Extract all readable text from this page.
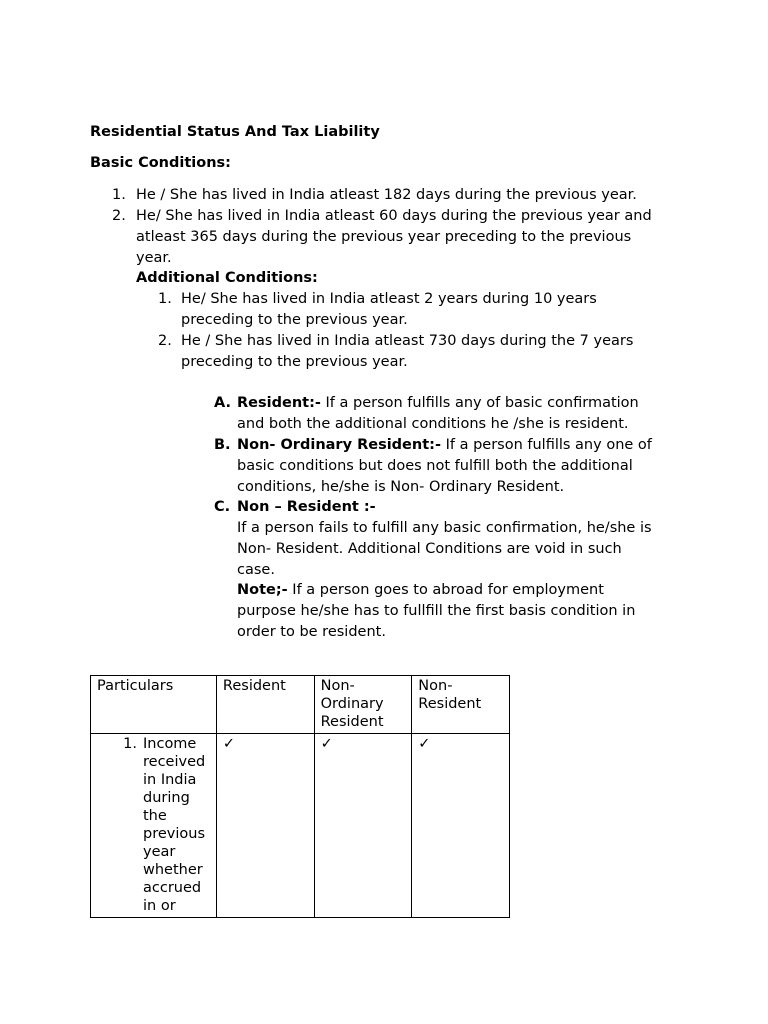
Residential Status And Tax Liability
Basic Conditions:
1. He / She has lived in India atleast 182 days during the previous year.
2. He/ She has lived in India atleast 60 days during the previous year and
atleast 365 days during the previous year preceding to the previous
year.
Additional Conditions:
1. He/ She has lived in India atleast 2 years during 10 years
preceding to the previous year.
2. He / She has lived in India atleast 730 days during the 7 years
preceding to the previous year.
A. Resident:- If a person fulfills any of basic confirmation
and both the additional conditions he /she is resident.
B. Non- Ordinary Resident:- If a person fulfills any one of
basic conditions but does not fulfill both the additional
conditions, he/she is Non- Ordinary Resident.
C. Non – Resident :-
If a person fails to fulfill any basic confirmation, he/she is
Non- Resident. Additional Conditions are void in such
case.
Note;- If a person goes to abroad for employment
purpose he/she has to fullfill the first basis condition in
order to be resident.
Particulars	Resident	Non- Ordinary Resident	Non- Resident

1. Income received in India during the previous year whether accrued in or	✓	✓	✓
